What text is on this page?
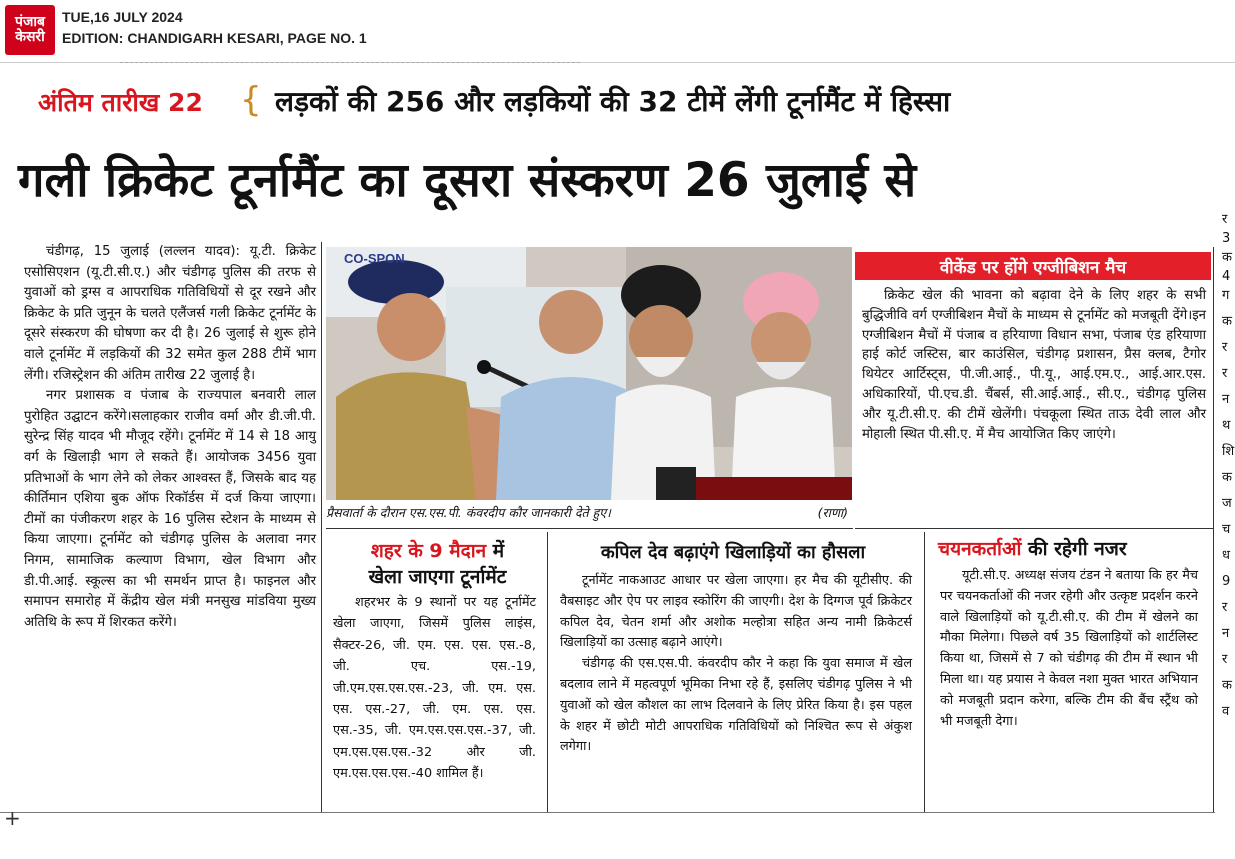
पंजाब
केसरी
TUE,16 JULY 2024
EDITION: CHANDIGARH KESARI, PAGE NO. 1
अंतिम तारीख 22 { लड़कों की 256 और लड़कियों की 32 टीमें लेंगी टूर्नामैंट में हिस्सा
गली क्रिकेट टूर्नामैंट का दूसरा संस्करण 26 जुलाई से

चंडीगढ़, 15 जुलाई (लल्लन यादव): यू.टी. क्रिकेट एसोसिएशन (यू.टी.सी.ए.) और चंडीगढ़ पुलिस की तरफ से युवाओं को ड्रग्स व आपराधिक गतिविधियों से दूर रखने और क्रिकेट के प्रति जुनून के चलते एलैंजर्स गली क्रिकेट टूर्नामेंट के दूसरे संस्करण की घोषणा कर दी है। 26 जुलाई से शुरू होने वाले टूर्नामेंट में लड़कियों की 32 समेत कुल 288 टीमें भाग लेंगी। रजिस्ट्रेशन की अंतिम तारीख 22 जुलाई है।

नगर प्रशासक व पंजाब के राज्यपाल बनवारी लाल पुरोहित उद्घाटन करेंगे।सलाहकार राजीव वर्मा और डी.जी.पी. सुरेन्द्र सिंह यादव भी मौजूद रहेंगे। टूर्नामेंट में 14 से 18 आयु वर्ग के खिलाड़ी भाग ले सकते हैं। आयोजक 3456 युवा प्रतिभाओं के भाग लेने को लेकर आश्वस्त हैं, जिसके बाद यह कीर्तिमान एशिया बुक ऑफ रिकॉर्डस में दर्ज किया जाएगा। टीमों का पंजीकरण शहर के 16 पुलिस स्टेशन के माध्यम से किया जाएगा। टूर्नामेंट को चंडीगढ़ पुलिस के अलावा नगर निगम, सामाजिक कल्याण विभाग, खेल विभाग और डी.पी.आई. स्कूल्स का भी समर्थन प्राप्त है। फाइनल और समापन समारोह में केंद्रीय खेल मंत्री मनसुख मांडविया मुख्य अतिथि के रूप में शिरकत करेंगे।

CO-SPON
प्रैसवार्ता के दौरान एस.एस.पी. कंवरदीप कौर जानकारी देते हुए।	(राणा)
वीकेंड पर होंगे एग्जीबिशन मैच

क्रिकेट खेल की भावना को बढ़ावा देने के लिए शहर के सभी बुद्धिजीवि वर्ग एग्जीबिशन मैचों के माध्यम से टूर्नामेंट को मजबूती देंगे।इन एग्जीबिशन मैचों में पंजाब व हरियाणा विधान सभा, पंजाब एंड हरियाणा हाई कोर्ट जस्टिस, बार काउंसिल, चंडीगढ़ प्रशासन, प्रैस क्लब, टैगोर थियेटर आर्टिस्ट्स, पी.जी.आई., पी.यू., आई.एम.ए., आई.आर.एस. अधिकारियों, पी.एच.डी. चैंबर्स, सी.आई.आई., सी.ए., चंडीगढ़ पुलिस और यू.टी.सी.ए. की टीमें खेलेंगी। पंचकूला स्थित ताऊ देवी लाल और मोहाली स्थित पी.सी.ए. में मैच आयोजित किए जाएंगे।

शहर के 9 मैदान में
खेला जाएगा टूर्नामेंट

शहरभर के 9 स्थानों पर यह टूर्नामेंट खेला जाएगा, जिसमें पुलिस लाइंस, सैक्टर-26, जी. एम. एस. एस. एस.-8, जी. एच. एस.-19, जी.एम.एस.एस.एस.-23, जी. एम. एस. एस. एस.-27, जी. एम. एस. एस. एस.-35, जी. एम.एस.एस.एस.-37, जी. एम.एस.एस.एस.-32 और जी. एम.एस.एस.एस.-40 शामिल हैं।

कपिल देव बढ़ाएंगे खिलाड़ियों का हौसला

टूर्नामेंट नाकआउट आधार पर खेला जाएगा। हर मैच की यूटीसीए. की वैबसाइट और ऐप पर लाइव स्कोरिंग की जाएगी। देश के दिग्गज पूर्व क्रिकेटर कपिल देव, चेतन शर्मा और अशोक मल्होत्रा सहित अन्य नामी क्रिकेटर्स खिलाड़ियों का उत्साह बढ़ाने आएंगे।

चंडीगढ़ की एस.एस.पी. कंवरदीप कौर ने कहा कि युवा समाज में खेल बदलाव लाने में महत्वपूर्ण भूमिका निभा रहे हैं, इसलिए चंडीगढ़ पुलिस ने भी युवाओं को खेल कौशल का लाभ दिलवाने के लिए प्रेरित किया है। इस पहल के शहर में छोटी मोटी आपराधिक गतिविधियों को निश्चित रूप से अंकुश लगेगा।

चयनकर्ताओं की रहेगी नजर

यूटी.सी.ए. अध्यक्ष संजय टंडन ने बताया कि हर मैच पर चयनकर्ताओं की नजर रहेगी और उत्कृष्ट प्रदर्शन करने वाले खिलाड़ियों को यू.टी.सी.ए. की टीम में खेलने का मौका मिलेगा। पिछले वर्ष 35 खिलाड़ियों को शार्टलिस्ट किया था, जिसमें से 7 को चंडीगढ़ की टीम में स्थान भी मिला था। यह प्रयास ने केवल नशा मुक्त भारत अभियान को मजबूती प्रदान करेगा, बल्कि टीम की बैंच स्ट्रैंथ को भी मजबूती देगा।

+
र
3
क
4
ग
क
र
र
न
थ
शि
क
ज
च
ध
9
र
न
र
क
व
